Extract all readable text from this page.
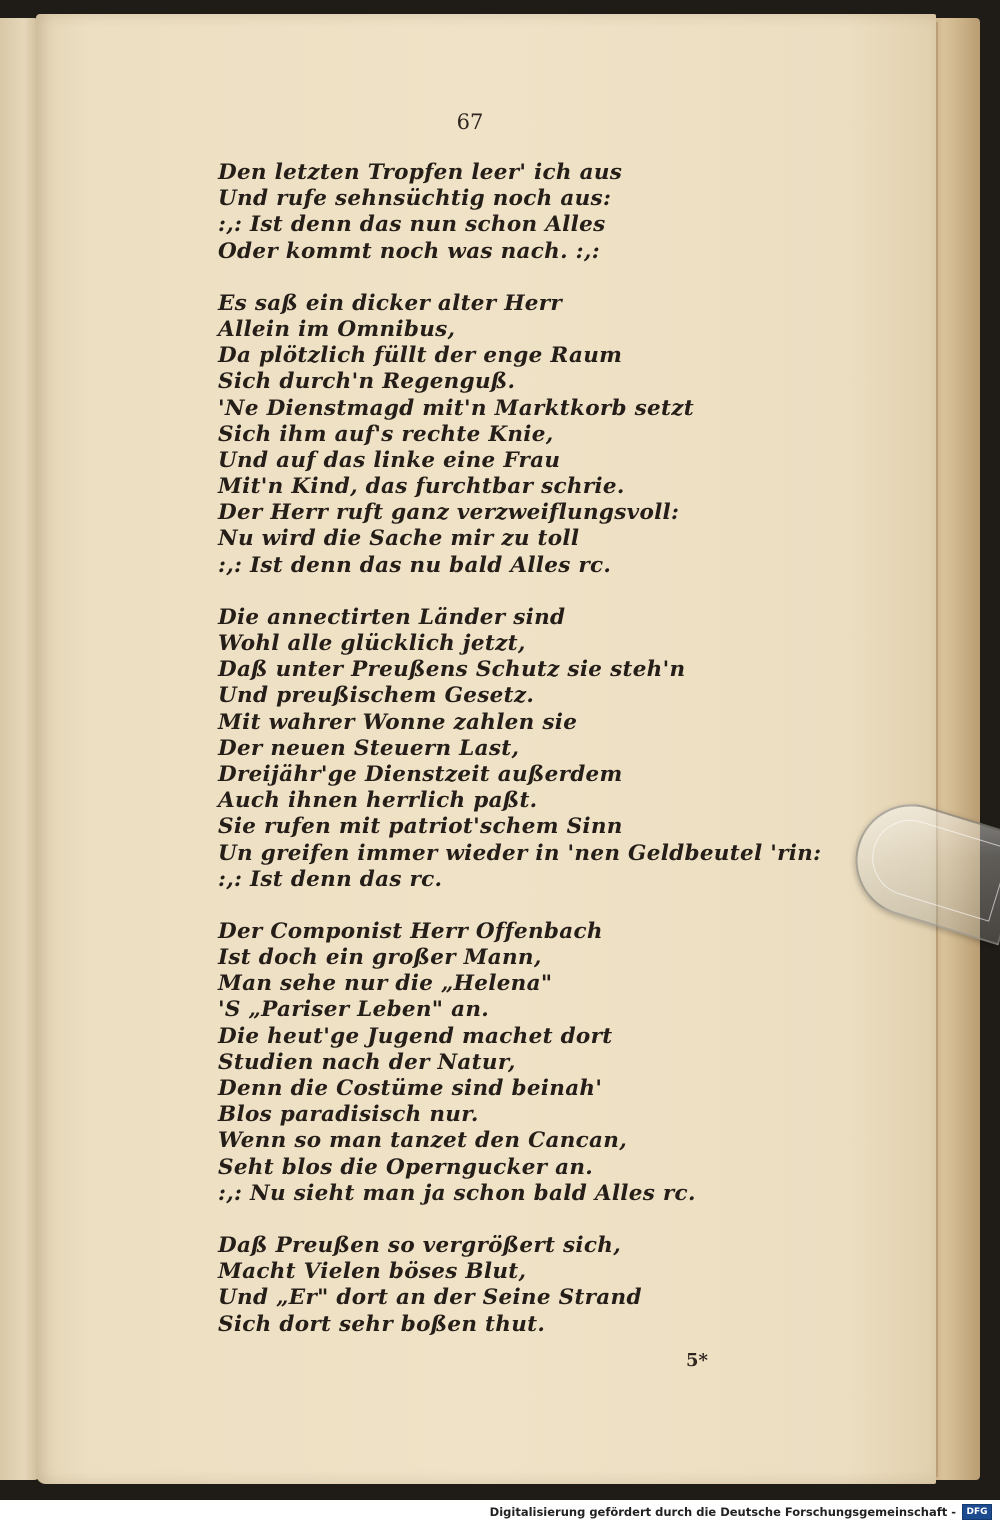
67
Den letzten Tropfen leer' ich aus
Und rufe sehnsüchtig noch aus:
:,: Ist denn das nun schon Alles
Oder kommt noch was nach. :,:
Es saß ein dicker alter Herr
Allein im Omnibus,
Da plötzlich füllt der enge Raum
Sich durch'n Regenguß.
'Ne Dienstmagd mit'n Marktkorb setzt
Sich ihm auf's rechte Knie,
Und auf das linke eine Frau
Mit'n Kind, das furchtbar schrie.
Der Herr ruft ganz verzweiflungsvoll:
Nu wird die Sache mir zu toll
:,: Ist denn das nu bald Alles rc.
Die annectirten Länder sind
Wohl alle glücklich jetzt,
Daß unter Preußens Schutz sie steh'n
Und preußischem Gesetz.
Mit wahrer Wonne zahlen sie
Der neuen Steuern Last,
Dreijähr'ge Dienstzeit außerdem
Auch ihnen herrlich paßt.
Sie rufen mit patriot'schem Sinn
Un greifen immer wieder in 'nen Geldbeutel 'rin:
:,: Ist denn das rc.
Der Componist Herr Offenbach
Ist doch ein großer Mann,
Man sehe nur die „Helena"
'S „Pariser Leben" an.
Die heut'ge Jugend machet dort
Studien nach der Natur,
Denn die Costüme sind beinah'
Blos paradisisch nur.
Wenn so man tanzet den Cancan,
Seht blos die Operngucker an.
:,: Nu sieht man ja schon bald Alles rc.
Daß Preußen so vergrößert sich,
Macht Vielen böses Blut,
Und „Er" dort an der Seine Strand
Sich dort sehr boßen thut.
5*
Digitalisierung gefördert durch die Deutsche Forschungsgemeinschaft -	DFG
